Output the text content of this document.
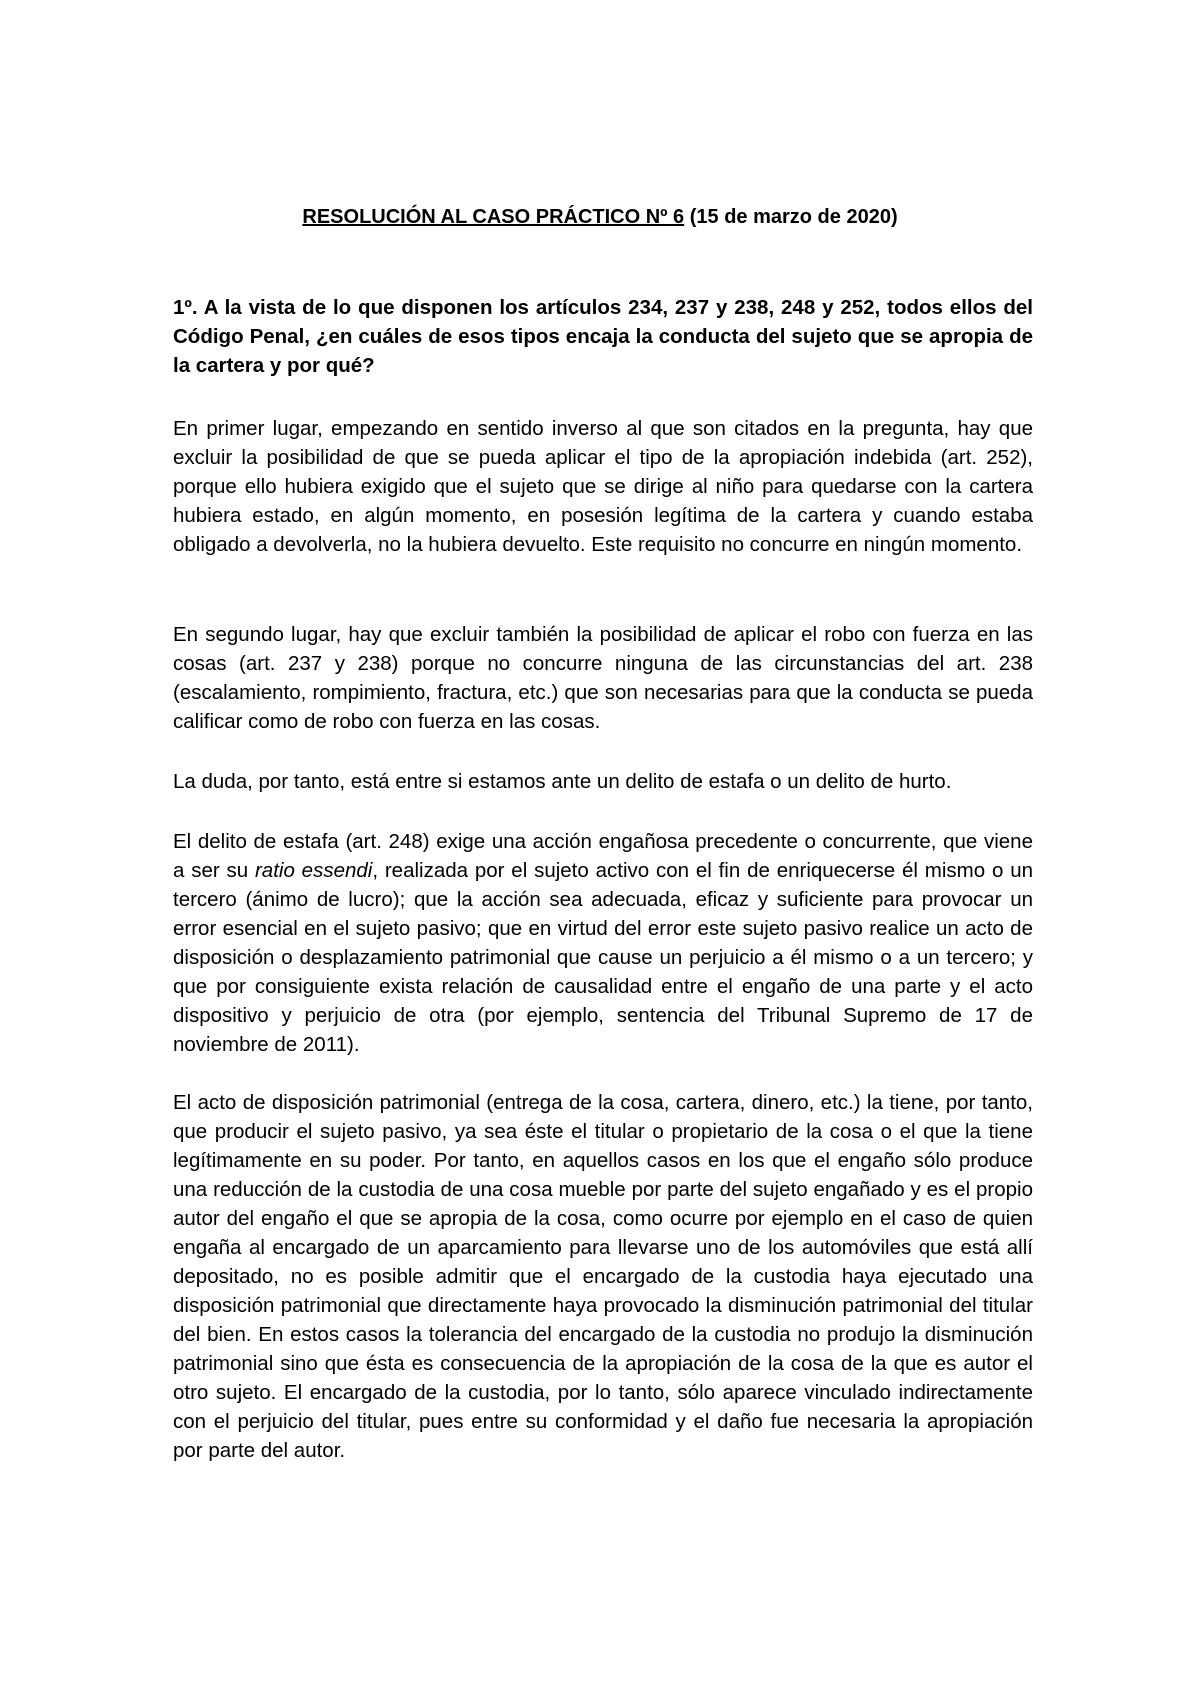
RESOLUCIÓN AL CASO PRÁCTICO Nº 6 (15 de marzo de 2020)
1º. A la vista de lo que disponen los artículos 234, 237 y 238, 248 y 252, todos ellos del Código Penal, ¿en cuáles de esos tipos encaja la conducta del sujeto que se apropia de la cartera y por qué?
En primer lugar, empezando en sentido inverso al que son citados en la pregunta, hay que excluir la posibilidad de que se pueda aplicar el tipo de la apropiación indebida (art. 252), porque ello hubiera exigido que el sujeto que se dirige al niño para quedarse con la cartera hubiera estado, en algún momento, en posesión legítima de la cartera y cuando estaba obligado a devolverla, no la hubiera devuelto. Este requisito no concurre en ningún momento.
En segundo lugar, hay que excluir también la posibilidad de aplicar el robo con fuerza en las cosas (art. 237 y 238) porque no concurre ninguna de las circunstancias del art. 238 (escalamiento, rompimiento, fractura, etc.) que son necesarias para que la conducta se pueda calificar como de robo con fuerza en las cosas.
La duda, por tanto, está entre si estamos ante un delito de estafa o un delito de hurto.
El delito de estafa (art. 248) exige una acción engañosa precedente o concurrente, que viene a ser su ratio essendi, realizada por el sujeto activo con el fin de enriquecerse él mismo o un tercero (ánimo de lucro); que la acción sea adecuada, eficaz y suficiente para provocar un error esencial en el sujeto pasivo; que en virtud del error este sujeto pasivo realice un acto de disposición o desplazamiento patrimonial que cause un perjuicio a él mismo o a un tercero; y que por consiguiente exista relación de causalidad entre el engaño de una parte y el acto dispositivo y perjuicio de otra (por ejemplo, sentencia del Tribunal Supremo de 17 de noviembre de 2011).
El acto de disposición patrimonial (entrega de la cosa, cartera, dinero, etc.) la tiene, por tanto, que producir el sujeto pasivo, ya sea éste el titular o propietario de la cosa o el que la tiene legítimamente en su poder. Por tanto, en aquellos casos en los que el engaño sólo produce una reducción de la custodia de una cosa mueble por parte del sujeto engañado y es el propio autor del engaño el que se apropia de la cosa, como ocurre por ejemplo en el caso de quien engaña al encargado de un aparcamiento para llevarse uno de los automóviles que está allí depositado, no es posible admitir que el encargado de la custodia haya ejecutado una disposición patrimonial que directamente haya provocado la disminución patrimonial del titular del bien. En estos casos la tolerancia del encargado de la custodia no produjo la disminución patrimonial sino que ésta es consecuencia de la apropiación de la cosa de la que es autor el otro sujeto. El encargado de la custodia, por lo tanto, sólo aparece vinculado indirectamente con el perjuicio del titular, pues entre su conformidad y el daño fue necesaria la apropiación por parte del autor.
